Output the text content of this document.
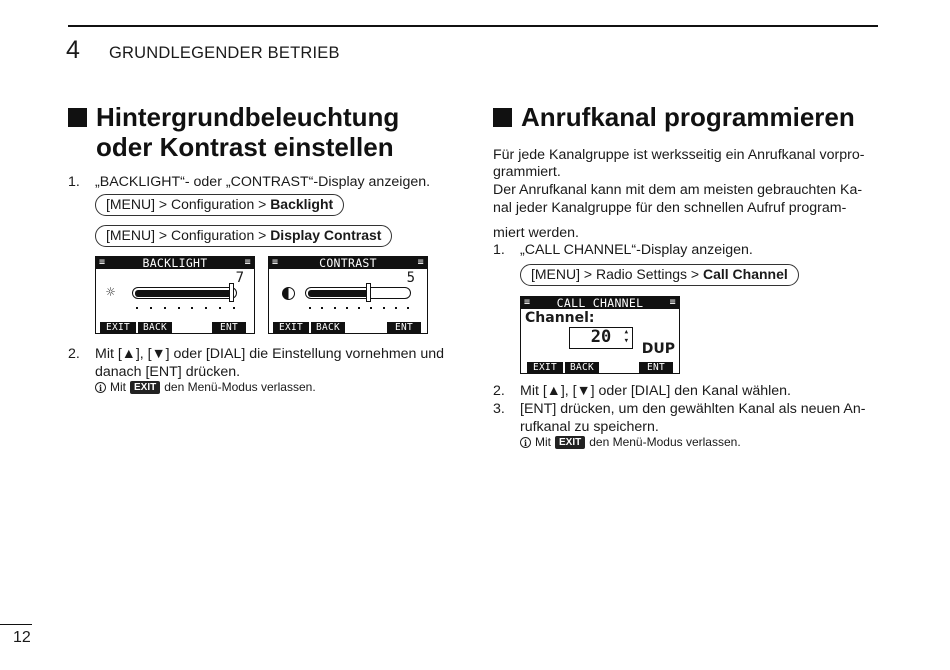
4 GRUNDLEGENDER BETRIEB
Hintergrundbeleuchtung
oder Kontrast einstellen
1. „BACKLIGHT“- oder „CONTRAST“-Display anzeigen.
[MENU] > Configuration > Backlight
[MENU] > Configuration > Display Contrast
≡	BACKLIGHT	≡
7
☼
EXIT	BACK	ENT
≡	CONTRAST	≡
5
EXIT	BACK	ENT
2. Mit [▲], [▼] oder [DIAL] die Einstellung vornehmen und
danach [ENT] drücken.
i Mit EXIT den Menü-Modus verlassen.
Anrufkanal programmieren
Für jede Kanalgruppe ist werksseitig ein Anrufkanal vorpro-
grammiert.
Der Anrufkanal kann mit dem am meisten gebrauchten Ka-
nal jeder Kanalgruppe für den schnellen Aufruf program-
miert werden.
1. „CALL CHANNEL“-Display anzeigen.
[MENU] > Radio Settings > Call Channel
≡ CALL CHANNEL	≡
Channel:
20 ▴
▾ DUP
EXIT	BACK	ENT
2. Mit [▲], [▼] oder [DIAL] den Kanal wählen.
3. [ENT] drücken, um den gewählten Kanal als neuen An-
rufkanal zu speichern.
i Mit EXIT den Menü-Modus verlassen.
12
